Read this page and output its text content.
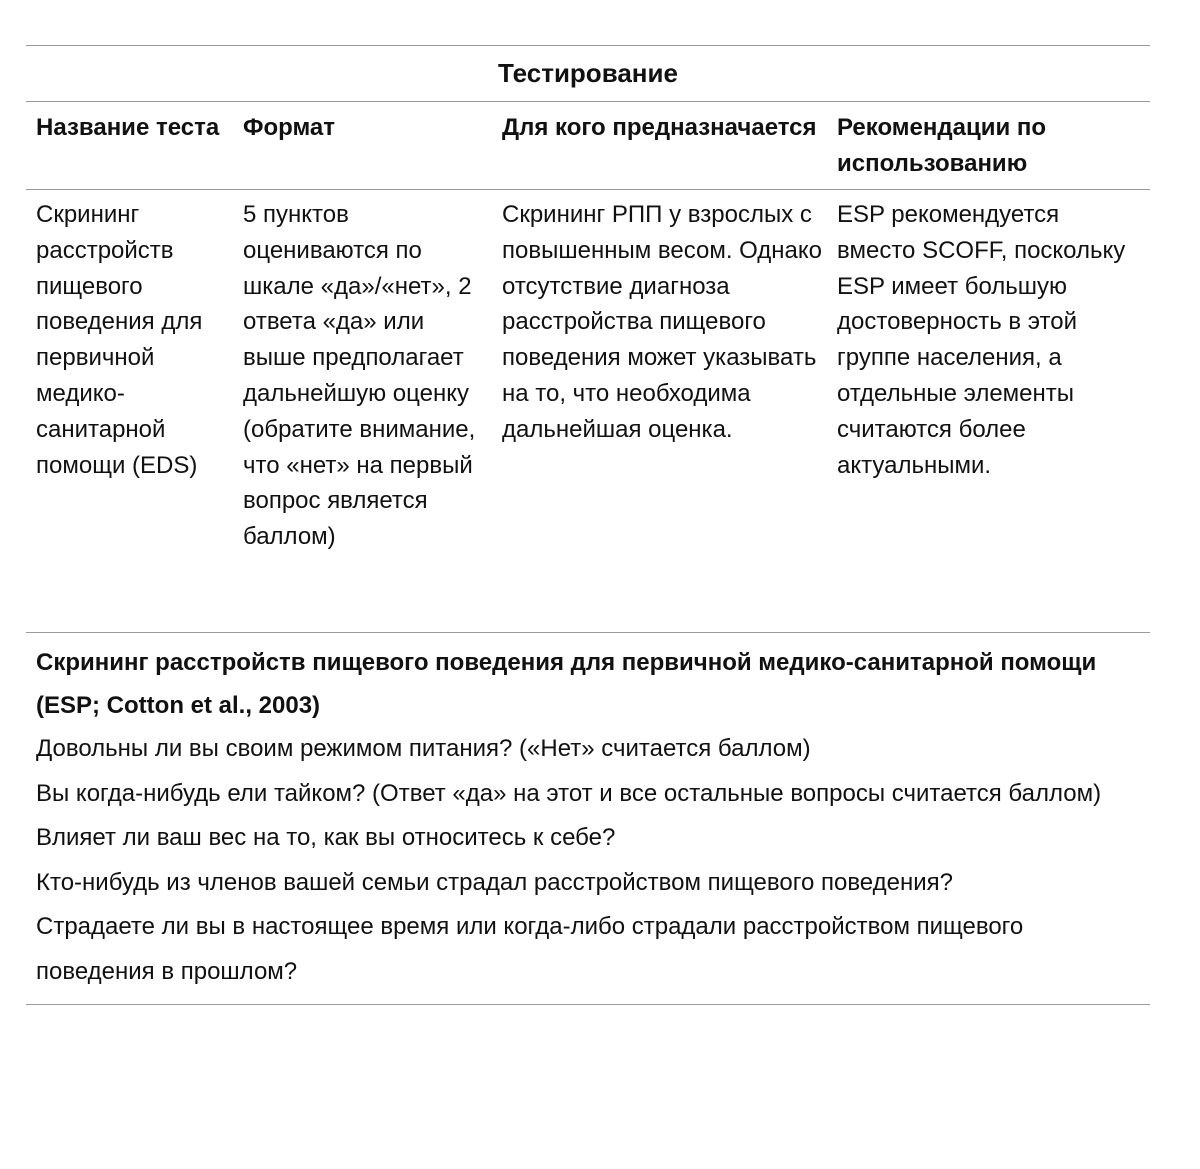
Тестирование
Название теста Формат	Для кого предназначается Рекомендации по использованию
Скрининг расстройств пищевого поведения для первичной медико-санитарной помощи (EDS)
5 пунктов оцениваются по шкале «да»/«нет», 2 ответа «да» или выше предполагает дальнейшую оценку (обратите внимание, что «нет» на первый вопрос является баллом)
Скрининг РПП у взрослых с повышенным весом. Однако отсутствие диагноза расстройства пищевого поведения может указывать на то, что необходима дальнейшая оценка.
ESP рекомендуется вместо SCOFF, поскольку ESP имеет большую достоверность в этой группе населения, а отдельные элементы считаются более актуальными.

Скрининг расстройств пищевого поведения для первичной медико-санитарной помощи (ESP; Cotton et al., 2003)

Довольны ли вы своим режимом питания? («Нет» считается баллом)

Вы когда-нибудь ели тайком? (Ответ «да» на этот и все остальные вопросы считается баллом)

Влияет ли ваш вес на то, как вы относитесь к себе?

Кто-нибудь из членов вашей семьи страдал расстройством пищевого поведения?

Страдаете ли вы в настоящее время или когда-либо страдали расстройством пищевого поведения в прошлом?
